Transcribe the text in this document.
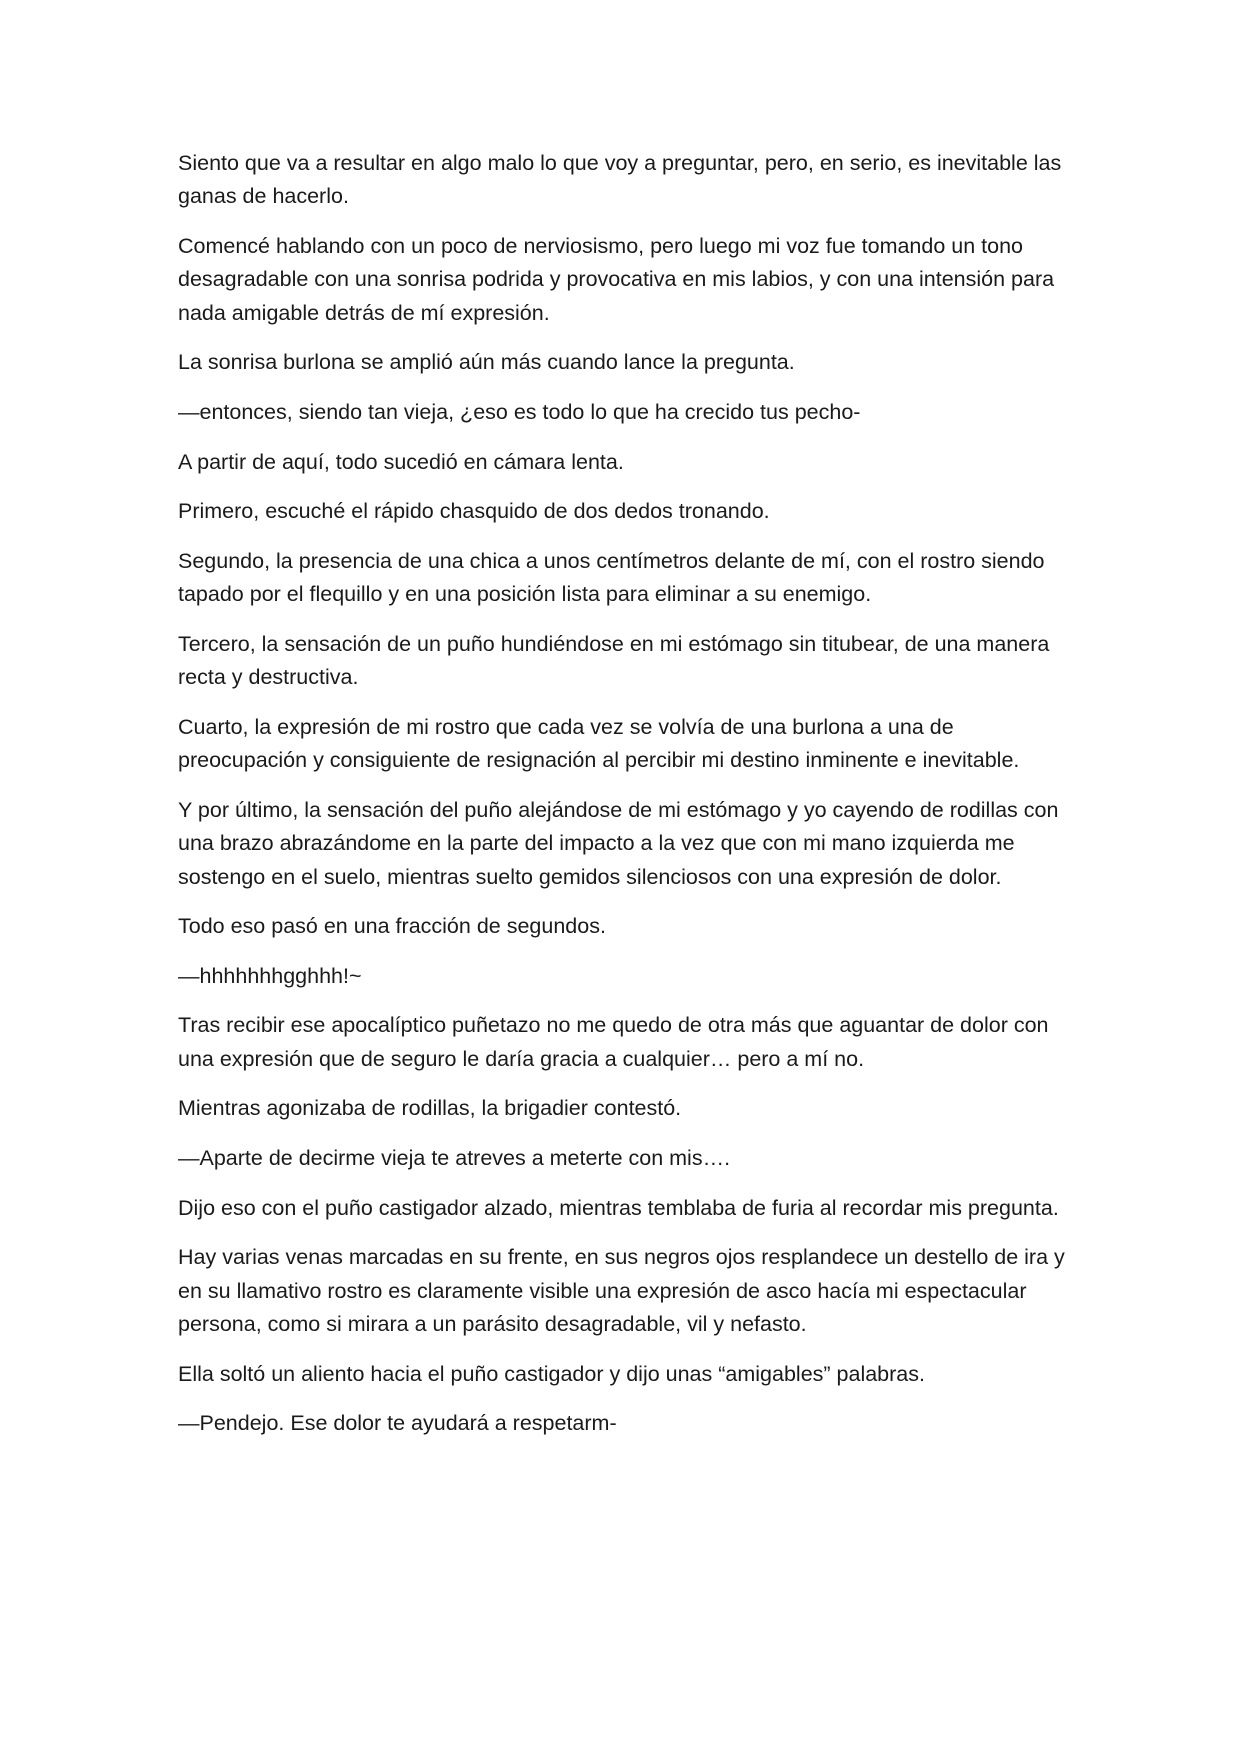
Siento que va a resultar en algo malo lo que voy a preguntar, pero, en serio, es inevitable las ganas de hacerlo.

Comencé hablando con un poco de nerviosismo, pero luego mi voz fue tomando un tono desagradable con una sonrisa podrida y provocativa en mis labios, y con una intensión para nada amigable detrás de mí expresión.

La sonrisa burlona se amplió aún más cuando lance la pregunta.

—entonces, siendo tan vieja, ¿eso es todo lo que ha crecido tus pecho-

A partir de aquí, todo sucedió en cámara lenta.

Primero, escuché el rápido chasquido de dos dedos tronando.

Segundo, la presencia de una chica a unos centímetros delante de mí, con el rostro siendo tapado por el flequillo y en una posición lista para eliminar a su enemigo.

Tercero, la sensación de un puño hundiéndose en mi estómago sin titubear, de una manera recta y destructiva.

Cuarto, la expresión de mi rostro que cada vez se volvía de una burlona a una de preocupación y consiguiente de resignación al percibir mi destino inminente e inevitable.

Y por último, la sensación del puño alejándose de mi estómago y yo cayendo de rodillas con una brazo abrazándome en la parte del impacto a la vez que con mi mano izquierda me sostengo en el suelo, mientras suelto gemidos silenciosos con una expresión de dolor.

Todo eso pasó en una fracción de segundos.

—hhhhhhhgghhh!~

Tras recibir ese apocalíptico puñetazo no me quedo de otra más que aguantar de dolor con una expresión que de seguro le daría gracia a cualquier… pero a mí no.

Mientras agonizaba de rodillas, la brigadier contestó.

—Aparte de decirme vieja te atreves a meterte con mis….

Dijo eso con el puño castigador alzado, mientras temblaba de furia al recordar mis pregunta.

Hay varias venas marcadas en su frente, en sus negros ojos resplandece un destello de ira y en su llamativo rostro es claramente visible una expresión de asco hacía mi espectacular persona, como si mirara a un parásito desagradable, vil y nefasto.

Ella soltó un aliento hacia el puño castigador y dijo unas “amigables” palabras.

—Pendejo. Ese dolor te ayudará a respetarm-
